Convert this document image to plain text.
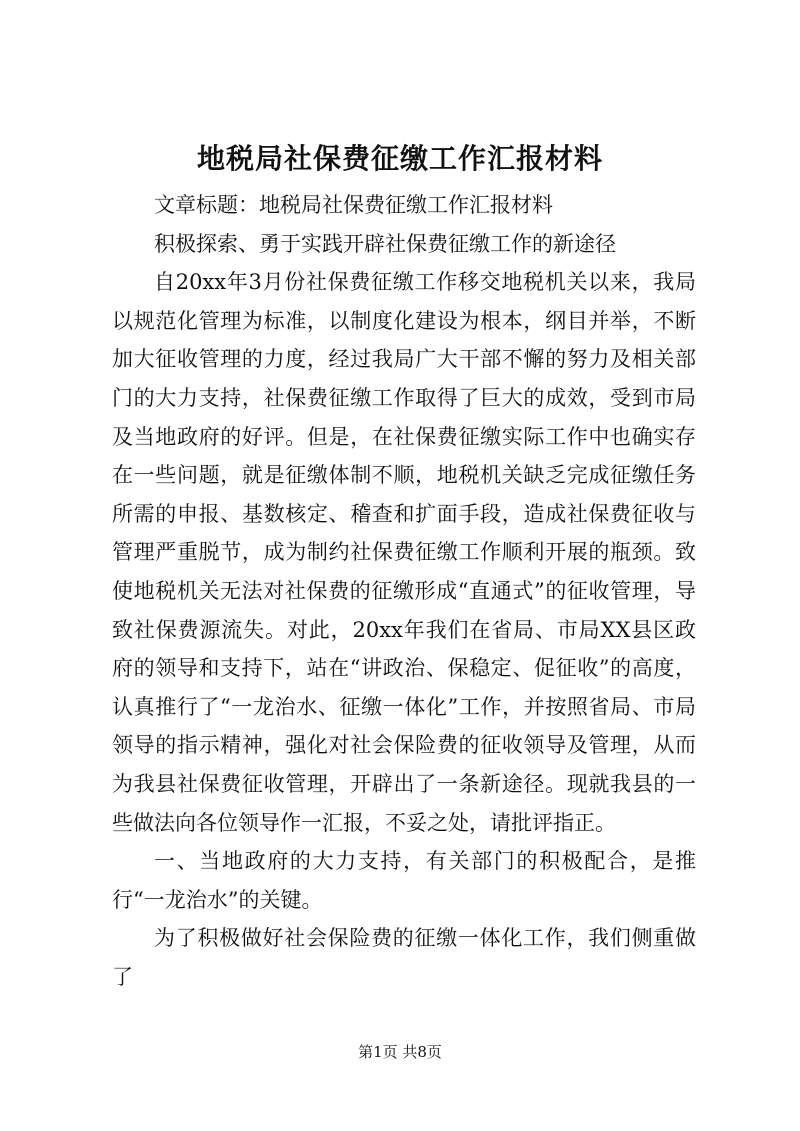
地税局社保费征缴工作汇报材料

文章标题：地税局社保费征缴工作汇报材料

积极探索、勇于实践开辟社保费征缴工作的新途径

自20xx年3月份社保费征缴工作移交地税机关以来，我局以规范化管理为标准，以制度化建设为根本，纲目并举，不断加大征收管理的力度，经过我局广大干部不懈的努力及相关部门的大力支持，社保费征缴工作取得了巨大的成效，受到市局及当地政府的好评。但是，在社保费征缴实际工作中也确实存在一些问题，就是征缴体制不顺，地税机关缺乏完成征缴任务所需的申报、基数核定、稽查和扩面手段，造成社保费征收与管理严重脱节，成为制约社保费征缴工作顺利开展的瓶颈。致使地税机关无法对社保费的征缴形成“直通式”的征收管理，导致社保费源流失。对此，20xx年我们在省局、市局XX县区政府的领导和支持下，站在“讲政治、保稳定、促征收”的高度，认真推行了“一龙治水、征缴一体化”工作，并按照省局、市局领导的指示精神，强化对社会保险费的征收领导及管理，从而为我县社保费征收管理，开辟出了一条新途径。现就我县的一些做法向各位领导作一汇报，不妥之处，请批评指正。

一、当地政府的大力支持，有关部门的积极配合，是推行“一龙治水”的关键。

为了积极做好社会保险费的征缴一体化工作，我们侧重做了

第1页 共8页
